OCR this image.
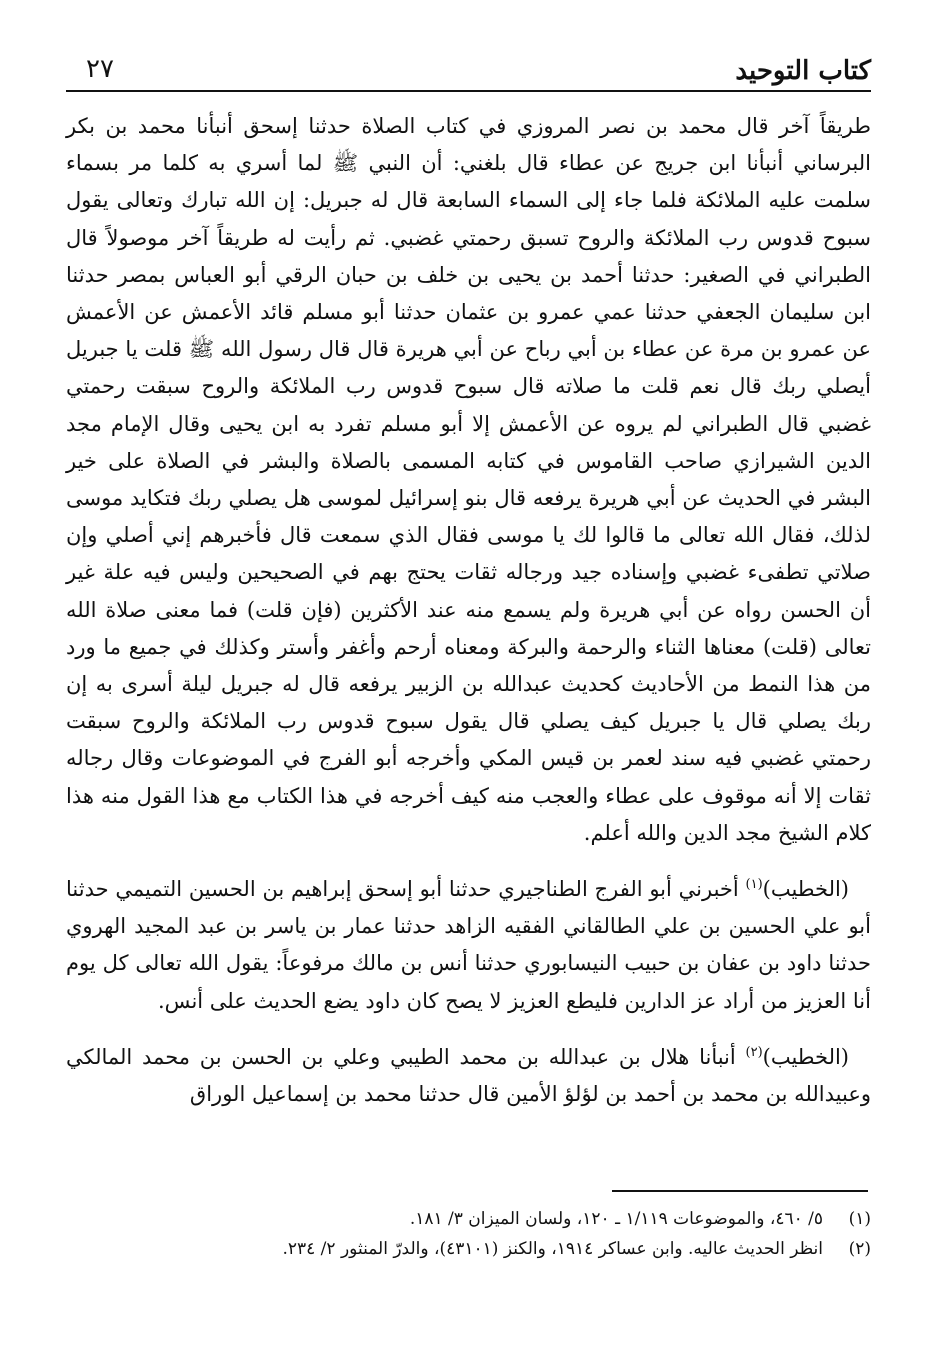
كتاب التوحيد
٢٧

طريقاً آخر قال محمد بن نصر المروزي في كتاب الصلاة حدثنا إسحق أنبأنا محمد بن بكر البرساني أنبأنا ابن جريج عن عطاء قال بلغني: أن النبي ﷺ لما أسري به كلما مر بسماء سلمت عليه الملائكة فلما جاء إلى السماء السابعة قال له جبريل: إن الله تبارك وتعالى يقول سبوح قدوس رب الملائكة والروح تسبق رحمتي غضبي. ثم رأيت له طريقاً آخر موصولاً قال الطبراني في الصغير: حدثنا أحمد بن يحيى بن خلف بن حبان الرقي أبو العباس بمصر حدثنا ابن سليمان الجعفي حدثنا عمي عمرو بن عثمان حدثنا أبو مسلم قائد الأعمش عن الأعمش عن عمرو بن مرة عن عطاء بن أبي رباح عن أبي هريرة قال قال رسول الله ﷺ قلت يا جبريل أيصلي ربك قال نعم قلت ما صلاته قال سبوح قدوس رب الملائكة والروح سبقت رحمتي غضبي قال الطبراني لم يروه عن الأعمش إلا أبو مسلم تفرد به ابن يحيى وقال الإمام مجد الدين الشيرازي صاحب القاموس في كتابه المسمى بالصلاة والبشر في الصلاة على خير البشر في الحديث عن أبي هريرة يرفعه قال بنو إسرائيل لموسى هل يصلي ربك فتكايد موسى لذلك، فقال الله تعالى ما قالوا لك يا موسى فقال الذي سمعت قال فأخبرهم إني أصلي وإن صلاتي تطفىء غضبي وإسناده جيد ورجاله ثقات يحتج بهم في الصحيحين وليس فيه علة غير أن الحسن رواه عن أبي هريرة ولم يسمع منه عند الأكثرين (فإن قلت) فما معنى صلاة الله تعالى (قلت) معناها الثناء والرحمة والبركة ومعناه أرحم وأغفر وأستر وكذلك في جميع ما ورد من هذا النمط من الأحاديث كحديث عبدالله بن الزبير يرفعه قال له جبريل ليلة أسرى به إن ربك يصلي قال يا جبريل كيف يصلي قال يقول سبوح قدوس رب الملائكة والروح سبقت رحمتي غضبي فيه سند لعمر بن قيس المكي وأخرجه أبو الفرج في الموضوعات وقال رجاله ثقات إلا أنه موقوف على عطاء والعجب منه كيف أخرجه في هذا الكتاب مع هذا القول منه هذا كلام الشيخ مجد الدين والله أعلم.

(الخطيب)$^{(١)}$ أخبرني أبو الفرج الطناجيري حدثنا أبو إسحق إبراهيم بن الحسين التميمي حدثنا أبو علي الحسين بن علي الطالقاني الفقيه الزاهد حدثنا عمار بن ياسر بن عبد المجيد الهروي حدثنا داود بن عفان بن حبيب النيسابوري حدثنا أنس بن مالك مرفوعاً: يقول الله تعالى كل يوم أنا العزيز من أراد عز الدارين فليطع العزيز لا يصح كان داود يضع الحديث على أنس.

(الخطيب)$^{(٢)}$ أنبأنا هلال بن عبدالله بن محمد الطيبي وعلي بن الحسن بن محمد المالكي وعبيدالله بن محمد بن أحمد بن لؤلؤ الأمين قال حدثنا محمد بن إسماعيل الوراق

(١)
٥/ ٤٦٠، والموضوعات ١/١١٩ ـ ١٢٠، ولسان الميزان ٣/ ١٨١.
(٢)
انظر الحديث عاليه. وابن عساكر ١٩١٤، والكنز (٤٣١٠١)، والدرّ المنثور ٢/ ٢٣٤.
